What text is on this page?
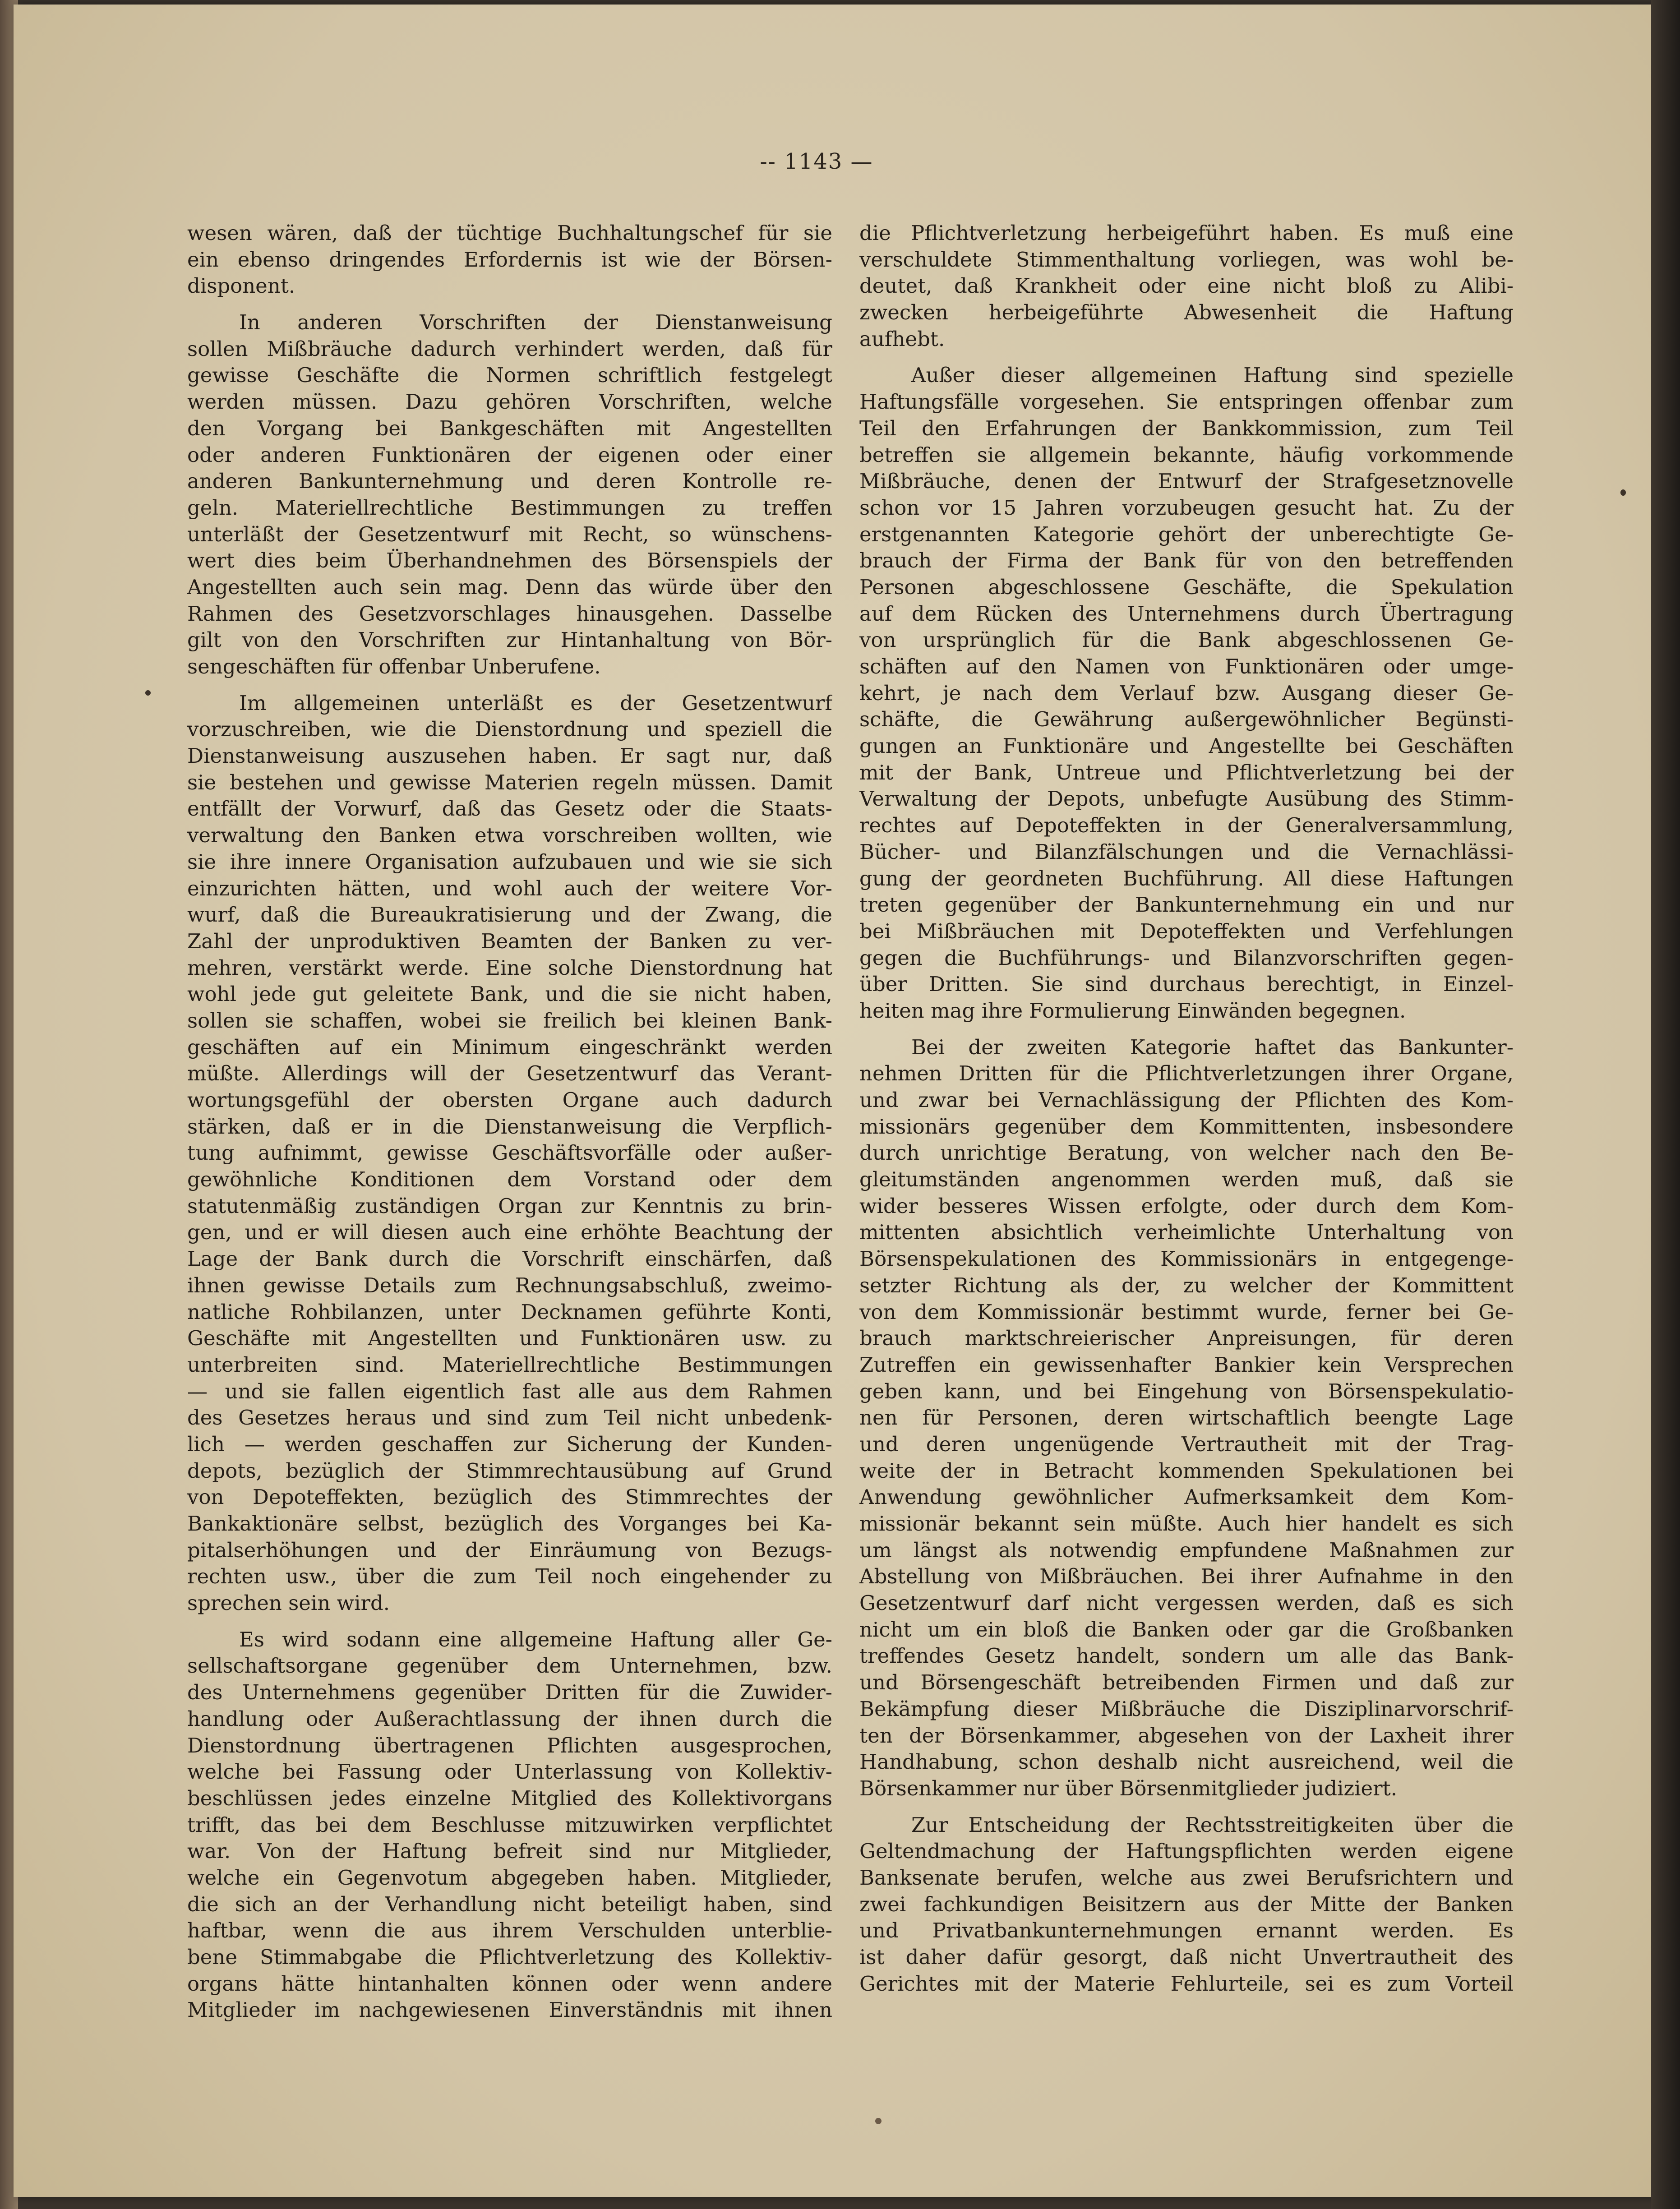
-- 1143 —
wesen wären, daß der tüchtige Buchhaltungschef für sie
ein ebenso dringendes Erfordernis ist wie der Börsen-
disponent.
In anderen Vorschriften der Dienstanweisung
sollen Mißbräuche dadurch verhindert werden, daß für
gewisse Geschäfte die Normen schriftlich festgelegt
werden müssen. Dazu gehören Vorschriften, welche
den Vorgang bei Bankgeschäften mit Angestellten
oder anderen Funktionären der eigenen oder einer
anderen Bankunternehmung und deren Kontrolle re-
geln. Materiellrechtliche Bestimmungen zu treffen
unterläßt der Gesetzentwurf mit Recht, so wünschens-
wert dies beim Überhandnehmen des Börsenspiels der
Angestellten auch sein mag. Denn das würde über den
Rahmen des Gesetzvorschlages hinausgehen. Dasselbe
gilt von den Vorschriften zur Hintanhaltung von Bör-
sengeschäften für offenbar Unberufene.
Im allgemeinen unterläßt es der Gesetzentwurf
vorzuschreiben, wie die Dienstordnung und speziell die
Dienstanweisung auszusehen haben. Er sagt nur, daß
sie bestehen und gewisse Materien regeln müssen. Damit
entfällt der Vorwurf, daß das Gesetz oder die Staats-
verwaltung den Banken etwa vorschreiben wollten, wie
sie ihre innere Organisation aufzubauen und wie sie sich
einzurichten hätten, und wohl auch der weitere Vor-
wurf, daß die Bureaukratisierung und der Zwang, die
Zahl der unproduktiven Beamten der Banken zu ver-
mehren, verstärkt werde. Eine solche Dienstordnung hat
wohl jede gut geleitete Bank, und die sie nicht haben,
sollen sie schaffen, wobei sie freilich bei kleinen Bank-
geschäften auf ein Minimum eingeschränkt werden
müßte. Allerdings will der Gesetzentwurf das Verant-
wortungsgefühl der obersten Organe auch dadurch
stärken, daß er in die Dienstanweisung die Verpflich-
tung aufnimmt, gewisse Geschäftsvorfälle oder außer-
gewöhnliche Konditionen dem Vorstand oder dem
statutenmäßig zuständigen Organ zur Kenntnis zu brin-
gen, und er will diesen auch eine erhöhte Beachtung der
Lage der Bank durch die Vorschrift einschärfen, daß
ihnen gewisse Details zum Rechnungsabschluß, zweimo-
natliche Rohbilanzen, unter Decknamen geführte Konti,
Geschäfte mit Angestellten und Funktionären usw. zu
unterbreiten sind. Materiellrechtliche Bestimmungen
— und sie fallen eigentlich fast alle aus dem Rahmen
des Gesetzes heraus und sind zum Teil nicht unbedenk-
lich — werden geschaffen zur Sicherung der Kunden-
depots, bezüglich der Stimmrechtausübung auf Grund
von Depoteffekten, bezüglich des Stimmrechtes der
Bankaktionäre selbst, bezüglich des Vorganges bei Ka-
pitalserhöhungen und der Einräumung von Bezugs-
rechten usw., über die zum Teil noch eingehender zu
sprechen sein wird.
Es wird sodann eine allgemeine Haftung aller Ge-
sellschaftsorgane gegenüber dem Unternehmen, bzw.
des Unternehmens gegenüber Dritten für die Zuwider-
handlung oder Außerachtlassung der ihnen durch die
Dienstordnung übertragenen Pflichten ausgesprochen,
welche bei Fassung oder Unterlassung von Kollektiv-
beschlüssen jedes einzelne Mitglied des Kollektivorgans
trifft, das bei dem Beschlusse mitzuwirken verpflichtet
war. Von der Haftung befreit sind nur Mitglieder,
welche ein Gegenvotum abgegeben haben. Mitglieder,
die sich an der Verhandlung nicht beteiligt haben, sind
haftbar, wenn die aus ihrem Verschulden unterblie-
bene Stimmabgabe die Pflichtverletzung des Kollektiv-
organs hätte hintanhalten können oder wenn andere
Mitglieder im nachgewiesenen Einverständnis mit ihnen
die Pflichtverletzung herbeigeführt haben. Es muß eine
verschuldete Stimmenthaltung vorliegen, was wohl be-
deutet, daß Krankheit oder eine nicht bloß zu Alibi-
zwecken herbeigeführte Abwesenheit die Haftung
aufhebt.
Außer dieser allgemeinen Haftung sind spezielle
Haftungsfälle vorgesehen. Sie entspringen offenbar zum
Teil den Erfahrungen der Bankkommission, zum Teil
betreffen sie allgemein bekannte, häufig vorkommende
Mißbräuche, denen der Entwurf der Strafgesetznovelle
schon vor 15 Jahren vorzubeugen gesucht hat. Zu der
erstgenannten Kategorie gehört der unberechtigte Ge-
brauch der Firma der Bank für von den betreffenden
Personen abgeschlossene Geschäfte, die Spekulation
auf dem Rücken des Unternehmens durch Übertragung
von ursprünglich für die Bank abgeschlossenen Ge-
schäften auf den Namen von Funktionären oder umge-
kehrt, je nach dem Verlauf bzw. Ausgang dieser Ge-
schäfte, die Gewährung außergewöhnlicher Begünsti-
gungen an Funktionäre und Angestellte bei Geschäften
mit der Bank, Untreue und Pflichtverletzung bei der
Verwaltung der Depots, unbefugte Ausübung des Stimm-
rechtes auf Depoteffekten in der Generalversammlung,
Bücher- und Bilanzfälschungen und die Vernachlässi-
gung der geordneten Buchführung. All diese Haftungen
treten gegenüber der Bankunternehmung ein und nur
bei Mißbräuchen mit Depoteffekten und Verfehlungen
gegen die Buchführungs- und Bilanzvorschriften gegen-
über Dritten. Sie sind durchaus berechtigt, in Einzel-
heiten mag ihre Formulierung Einwänden begegnen.
Bei der zweiten Kategorie haftet das Bankunter-
nehmen Dritten für die Pflichtverletzungen ihrer Organe,
und zwar bei Vernachlässigung der Pflichten des Kom-
missionärs gegenüber dem Kommittenten, insbesondere
durch unrichtige Beratung, von welcher nach den Be-
gleitumständen angenommen werden muß, daß sie
wider besseres Wissen erfolgte, oder durch dem Kom-
mittenten absichtlich verheimlichte Unterhaltung von
Börsenspekulationen des Kommissionärs in entgegenge-
setzter Richtung als der, zu welcher der Kommittent
von dem Kommissionär bestimmt wurde, ferner bei Ge-
brauch marktschreierischer Anpreisungen, für deren
Zutreffen ein gewissenhafter Bankier kein Versprechen
geben kann, und bei Eingehung von Börsenspekulatio-
nen für Personen, deren wirtschaftlich beengte Lage
und deren ungenügende Vertrautheit mit der Trag-
weite der in Betracht kommenden Spekulationen bei
Anwendung gewöhnlicher Aufmerksamkeit dem Kom-
missionär bekannt sein müßte. Auch hier handelt es sich
um längst als notwendig empfundene Maßnahmen zur
Abstellung von Mißbräuchen. Bei ihrer Aufnahme in den
Gesetzentwurf darf nicht vergessen werden, daß es sich
nicht um ein bloß die Banken oder gar die Großbanken
treffendes Gesetz handelt, sondern um alle das Bank-
und Börsengeschäft betreibenden Firmen und daß zur
Bekämpfung dieser Mißbräuche die Disziplinarvorschrif-
ten der Börsenkammer, abgesehen von der Laxheit ihrer
Handhabung, schon deshalb nicht ausreichend, weil die
Börsenkammer nur über Börsenmitglieder judiziert.
Zur Entscheidung der Rechtsstreitigkeiten über die
Geltendmachung der Haftungspflichten werden eigene
Banksenate berufen, welche aus zwei Berufsrichtern und
zwei fachkundigen Beisitzern aus der Mitte der Banken
und Privatbankunternehmungen ernannt werden. Es
ist daher dafür gesorgt, daß nicht Unvertrautheit des
Gerichtes mit der Materie Fehlurteile, sei es zum Vorteil
